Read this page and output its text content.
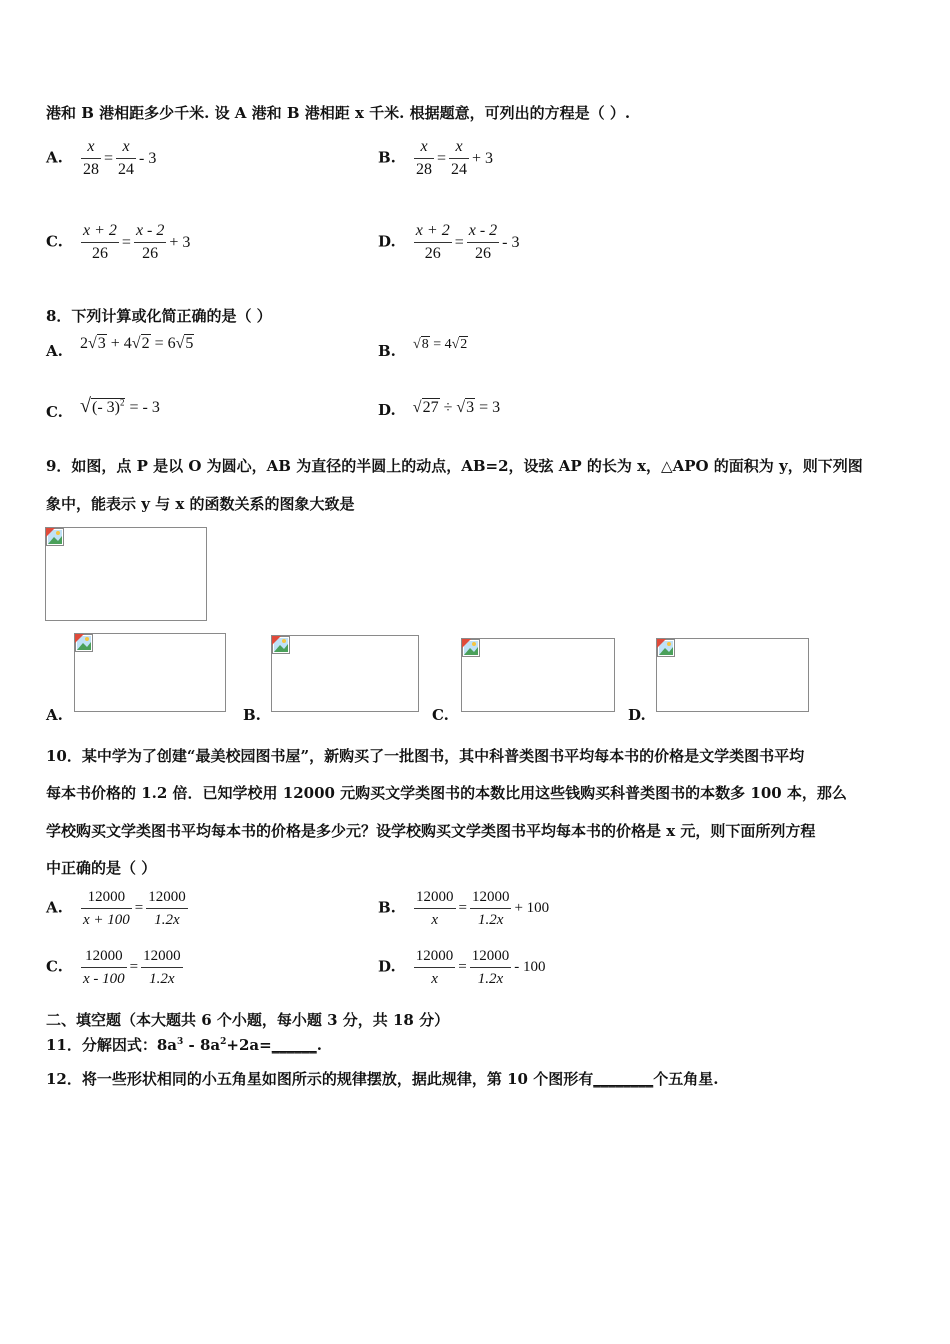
港和 B 港相距多少千米. 设 A 港和 B 港相距 x 千米. 根据题意，可列出的方程是（ ）.
A. $\frac{x}{28} = \frac{x}{24} - 3$	B. $\frac{x}{28} = \frac{x}{24} + 3$
C. $\frac{x + 2}{26} = \frac{x - 2}{26} + 3$	D. $\frac{x + 2}{26} = \frac{x - 2}{26} - 3$
8．下列计算或化简正确的是（ ）
A. 2√3 + 4√2 = 6√5	B. √8 = 4√2
C. √(- 3)$^2$ = - 3	D. √27 ÷ √3 = 3
9．如图，点 P 是以 O 为圆心，AB 为直径的半圆上的动点，AB=2，设弦 AP 的长为 x，△APO 的面积为 y，则下列图
象中，能表示 y 与 x 的函数关系的图象大致是
A.	B.	C.	D.
10．某中学为了创建“最美校园图书屋”，新购买了一批图书，其中科普类图书平均每本书的价格是文学类图书平均
每本书价格的 1.2 倍．已知学校用 12000 元购买文学类图书的本数比用这些钱购买科普类图书的本数多 100 本，那么
学校购买文学类图书平均每本书的价格是多少元？设学校购买文学类图书平均每本书的价格是 x 元，则下面所列方程
中正确的是（ ）
A. $\frac{12000}{x + 100} = \frac{12000}{1.2x}$	B. $\frac{12000}{x} = \frac{12000}{1.2x} + 100$
C. $\frac{12000}{x - 100} = \frac{12000}{1.2x}$	D. $\frac{12000}{x} = \frac{12000}{1.2x} - 100$
二、填空题（本大题共 6 个小题，每小题 3 分，共 18 分）
11．分解因式：$8a^3$ - $8a^2+2a=\_\_\_\_\_\_$.
12．将一些形状相同的小五角星如图所示的规律摆放，据此规律，第 10 个图形有________个五角星.
